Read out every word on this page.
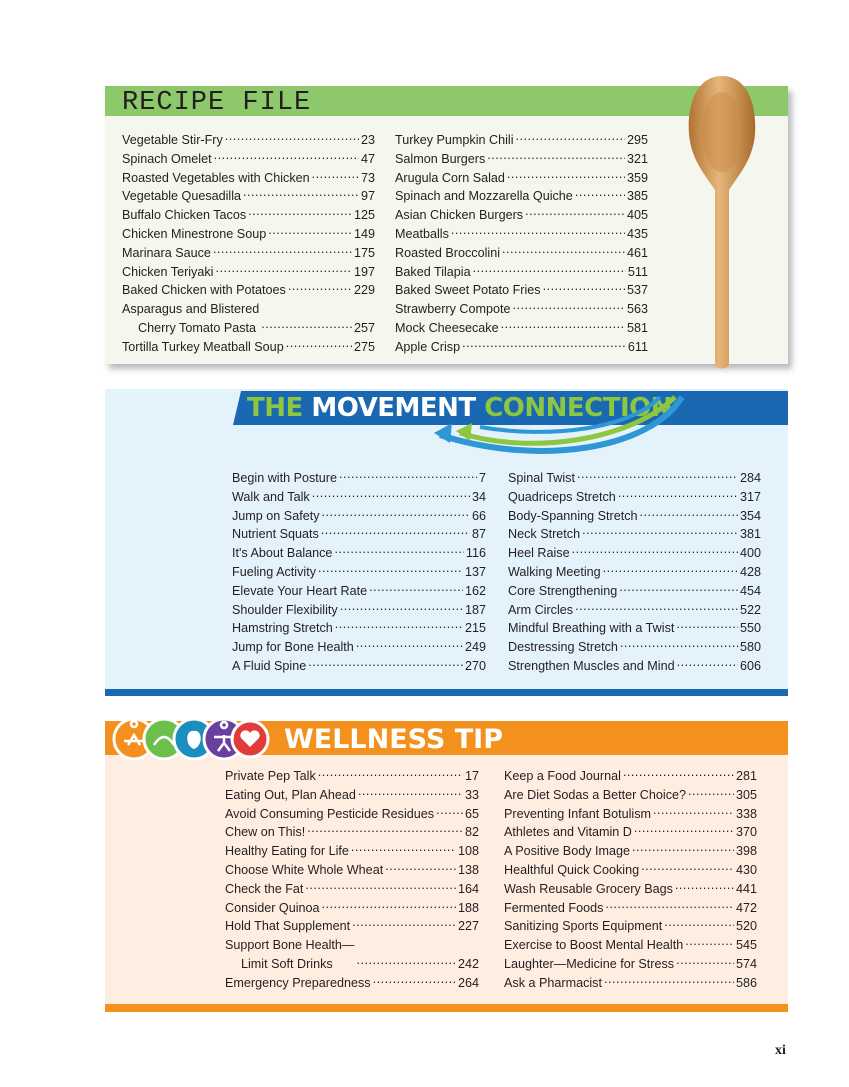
RECIPE FILE
Vegetable Stir-Fry .....	23
Spinach Omelet .....	47
Roasted Vegetables with Chicken .....	73
Vegetable Quesadilla .....	97
Buffalo Chicken Tacos .....	125
Chicken Minestrone Soup .....	149
Marinara Sauce .....	175
Chicken Teriyaki .....	197
Baked Chicken with Potatoes .....	229
Asparagus and Blistered
Cherry Tomato Pasta .....	257
Tortilla Turkey Meatball Soup .....	275
Turkey Pumpkin Chili .....	295
Salmon Burgers .....	321
Arugula Corn Salad .....	359
Spinach and Mozzarella Quiche .....	385
Asian Chicken Burgers .....	405
Meatballs .....	435
Roasted Broccolini .....	461
Baked Tilapia .....	511
Baked Sweet Potato Fries .....	537
Strawberry Compote .....	563
Mock Cheesecake .....	581
Apple Crisp .....	611
THE MOVEMENT CONNECTION
Begin with Posture .....	7
Walk and Talk .....	34
Jump on Safety .....	66
Nutrient Squats .....	87
It's About Balance .....	116
Fueling Activity .....	137
Elevate Your Heart Rate .....	162
Shoulder Flexibility .....	187
Hamstring Stretch .....	215
Jump for Bone Health .....	249
A Fluid Spine .....	270
Spinal Twist .....	284
Quadriceps Stretch .....	317
Body-Spanning Stretch .....	354
Neck Stretch .....	381
Heel Raise .....	400
Walking Meeting .....	428
Core Strengthening .....	454
Arm Circles .....	522
Mindful Breathing with a Twist .....	550
Destressing Stretch .....	580
Strengthen Muscles and Mind .....	606
WELLNESS TIP
Private Pep Talk .....	17
Eating Out, Plan Ahead .....	33
Avoid Consuming Pesticide Residues ..... 65
Chew on This! .....	82
Healthy Eating for Life .....	108
Choose White Whole Wheat .....	138
Check the Fat .....	164
Consider Quinoa .....	188
Hold That Supplement .....	227
Support Bone Health—
Limit Soft Drinks .....	242
Emergency Preparedness .....	264
Keep a Food Journal .....	281
Are Diet Sodas a Better Choice? .....	305
Preventing Infant Botulism .....	338
Athletes and Vitamin D .....	370
A Positive Body Image .....	398
Healthful Quick Cooking .....	430
Wash Reusable Grocery Bags .....	441
Fermented Foods .....	472
Sanitizing Sports Equipment .....	520
Exercise to Boost Mental Health .....	545
Laughter—Medicine for Stress .....	574
Ask a Pharmacist .....	586
xi
